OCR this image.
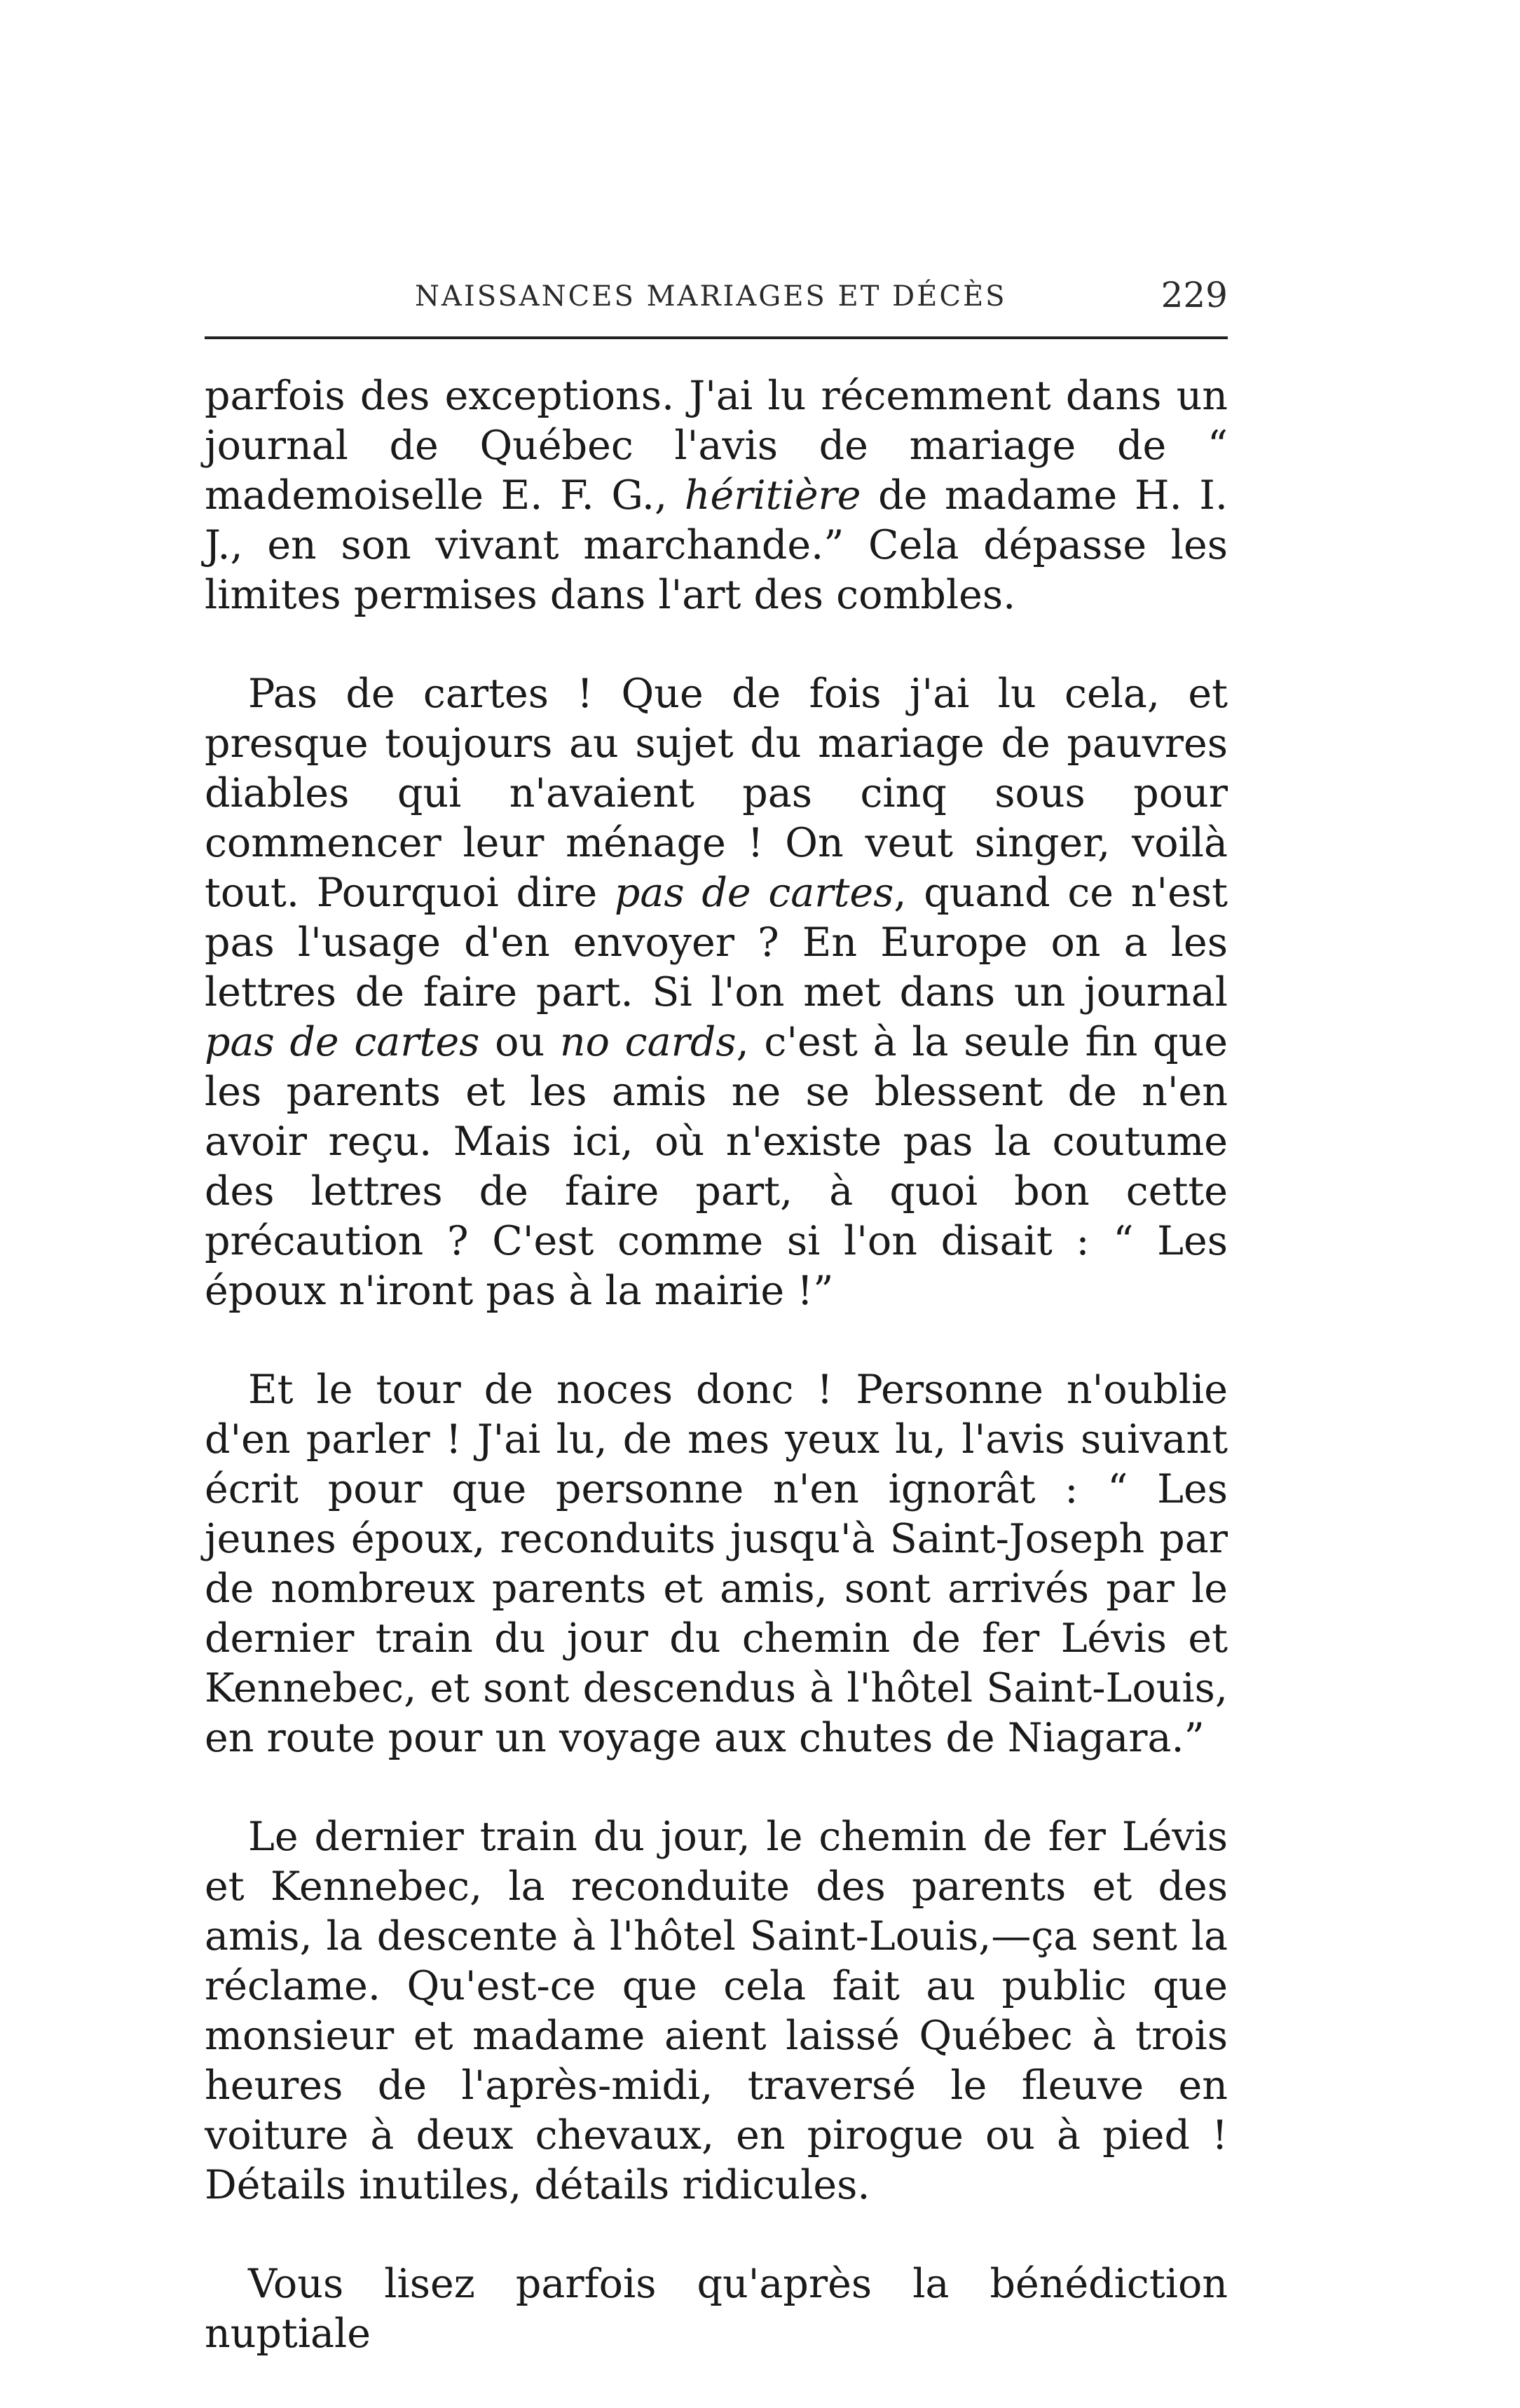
NAISSANCES MARIAGES ET DÉCÈS	229

parfois des exceptions. J'ai lu récemment dans un journal de Québec l'avis de mariage de “ mademoiselle E. F. G., héritière de madame H. I. J., en son vivant marchande.” Cela dépasse les limites permises dans l'art des combles.

Pas de cartes ! Que de fois j'ai lu cela, et presque toujours au sujet du mariage de pauvres diables qui n'avaient pas cinq sous pour commencer leur ménage ! On veut singer, voilà tout. Pourquoi dire pas de cartes, quand ce n'est pas l'usage d'en envoyer ? En Europe on a les lettres de faire part. Si l'on met dans un journal pas de cartes ou no cards, c'est à la seule fin que les parents et les amis ne se blessent de n'en avoir reçu. Mais ici, où n'existe pas la coutume des lettres de faire part, à quoi bon cette précaution ? C'est comme si l'on disait : “ Les époux n'iront pas à la mairie !”

Et le tour de noces donc ! Personne n'oublie d'en parler ! J'ai lu, de mes yeux lu, l'avis suivant écrit pour que personne n'en ignorât : “ Les jeunes époux, reconduits jusqu'à Saint-Joseph par de nombreux parents et amis, sont arrivés par le dernier train du jour du chemin de fer Lévis et Kennebec, et sont descendus à l'hôtel Saint-Louis, en route pour un voyage aux chutes de Niagara.”

Le dernier train du jour, le chemin de fer Lévis et Kennebec, la reconduite des parents et des amis, la descente à l'hôtel Saint-Louis,—ça sent la réclame. Qu'est-ce que cela fait au public que monsieur et madame aient laissé Québec à trois heures de l'après-midi, traversé le fleuve en voiture à deux chevaux, en pirogue ou à pied ! Détails inutiles, détails ridicules.

Vous lisez parfois qu'après la bénédiction nuptiale
